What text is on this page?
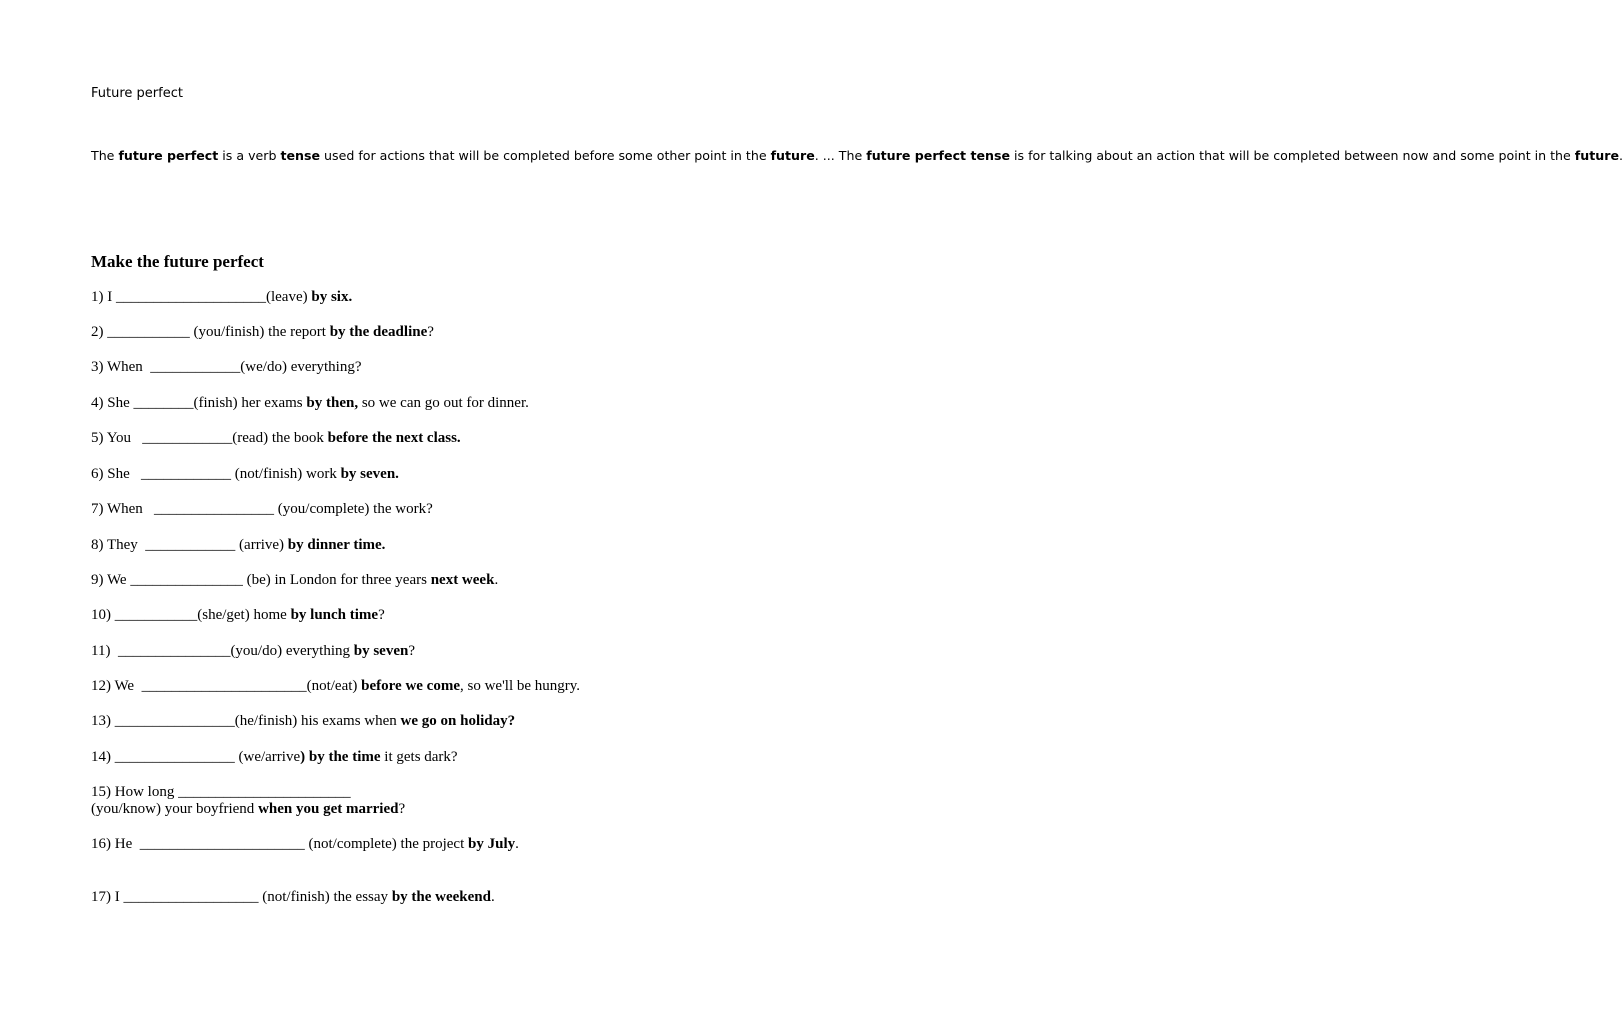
Future perfect
The future perfect is a verb tense used for actions that will be completed before some other point in the future. ... The future perfect tense is for talking about an action that will be completed between now and some point in the future.
Make the future perfect
1) I ____________________(leave) by six.
2) ___________ (you/finish) the report by the deadline?
3) When  ____________(we/do) everything?
4) She ________(finish) her exams by then, so we can go out for dinner.
5) You   ____________(read) the book before the next class.
6) She   ____________ (not/finish) work by seven.
7) When   ________________ (you/complete) the work?
8) They  ____________ (arrive) by dinner time.
9) We _______________ (be) in London for three years next week.
10) ___________(she/get) home by lunch time?
11)  _______________(you/do) everything by seven?
12) We  ______________________(not/eat) before we come, so we'll be hungry.
13) ________________(he/finish) his exams when we go on holiday?
14) ________________ (we/arrive) by the time it gets dark?
15) How long _______________________
(you/know) your boyfriend when you get married?
16) He  ______________________ (not/complete) the project by July.
17) I __________________ (not/finish) the essay by the weekend.
